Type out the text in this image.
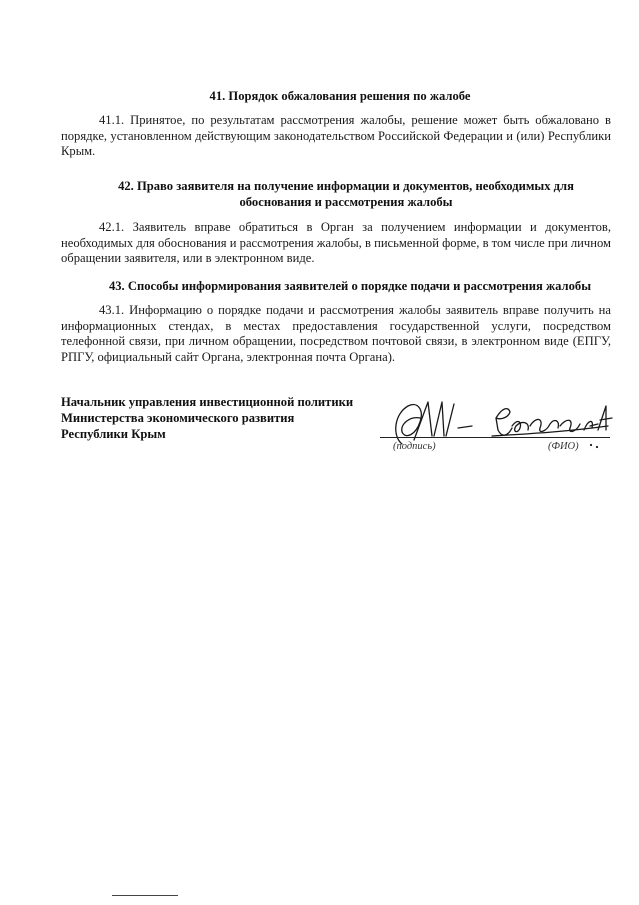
41. Порядок обжалования решения по жалобе
41.1. Принятое, по результатам рассмотрения жалобы, решение может быть обжаловано в порядке, установленном действующим законодательством Российской Федерации и (или) Республики Крым.
42. Право заявителя на получение информации и документов, необходимых для обоснования и рассмотрения жалобы
42.1. Заявитель вправе обратиться в Орган за получением информации и документов, необходимых для обоснования и рассмотрения жалобы, в письменной форме, в том числе при личном обращении заявителя, или в электронном виде.
43. Способы информирования заявителей о порядке подачи и рассмотрения жалобы
43.1. Информацию о порядке подачи и рассмотрения жалобы заявитель вправе получить на информационных стендах, в местах предоставления государственной услуги, посредством телефонной связи, при личном обращении, посредством почтовой связи, в электронном виде (ЕПГУ, РПГУ, официальный сайт Органа, электронная почта Органа).
Начальник управления инвестиционной политики
Министерства экономического развития
Республики Крым
(подпись)	(ФИО)
